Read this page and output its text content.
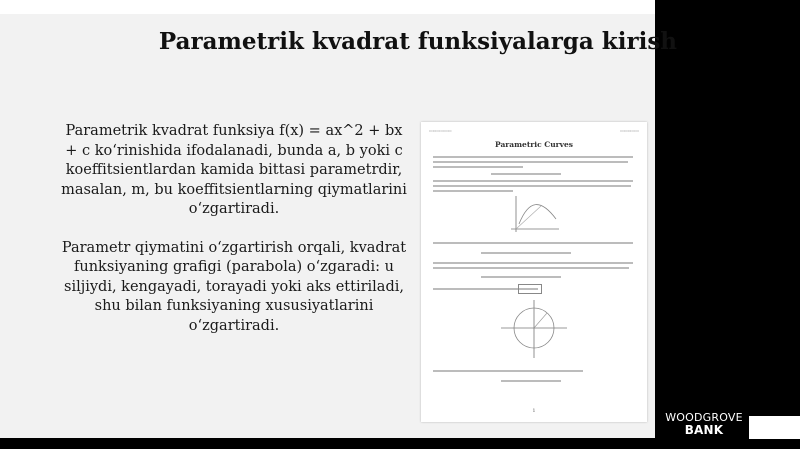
Parametrik kvadrat funksiyalarga kirish

Parametrik kvadrat funksiya f(x) = ax^2 + bx + c ko‘rinishida ifodalanadi, bunda a, b yoki c koeffitsientlardan kamida bittasi parametrdir, masalan, m, bu koeffitsientlarning qiymatlarini o‘zgartiradi.

Parametr qiymatini o‘zgartirish orqali, kvadrat funksiyaning grafigi (parabola) o‘zgaradi: u siljiydi, kengayadi, torayadi yoki aks ettiriladi, shu bilan funksiyaning xususiyatlarini o‘zgartiradi.

▭▭▭▭▭▭	▭▭▭▭▭
Parametric Curves
1	WOODGROVE
BANK
